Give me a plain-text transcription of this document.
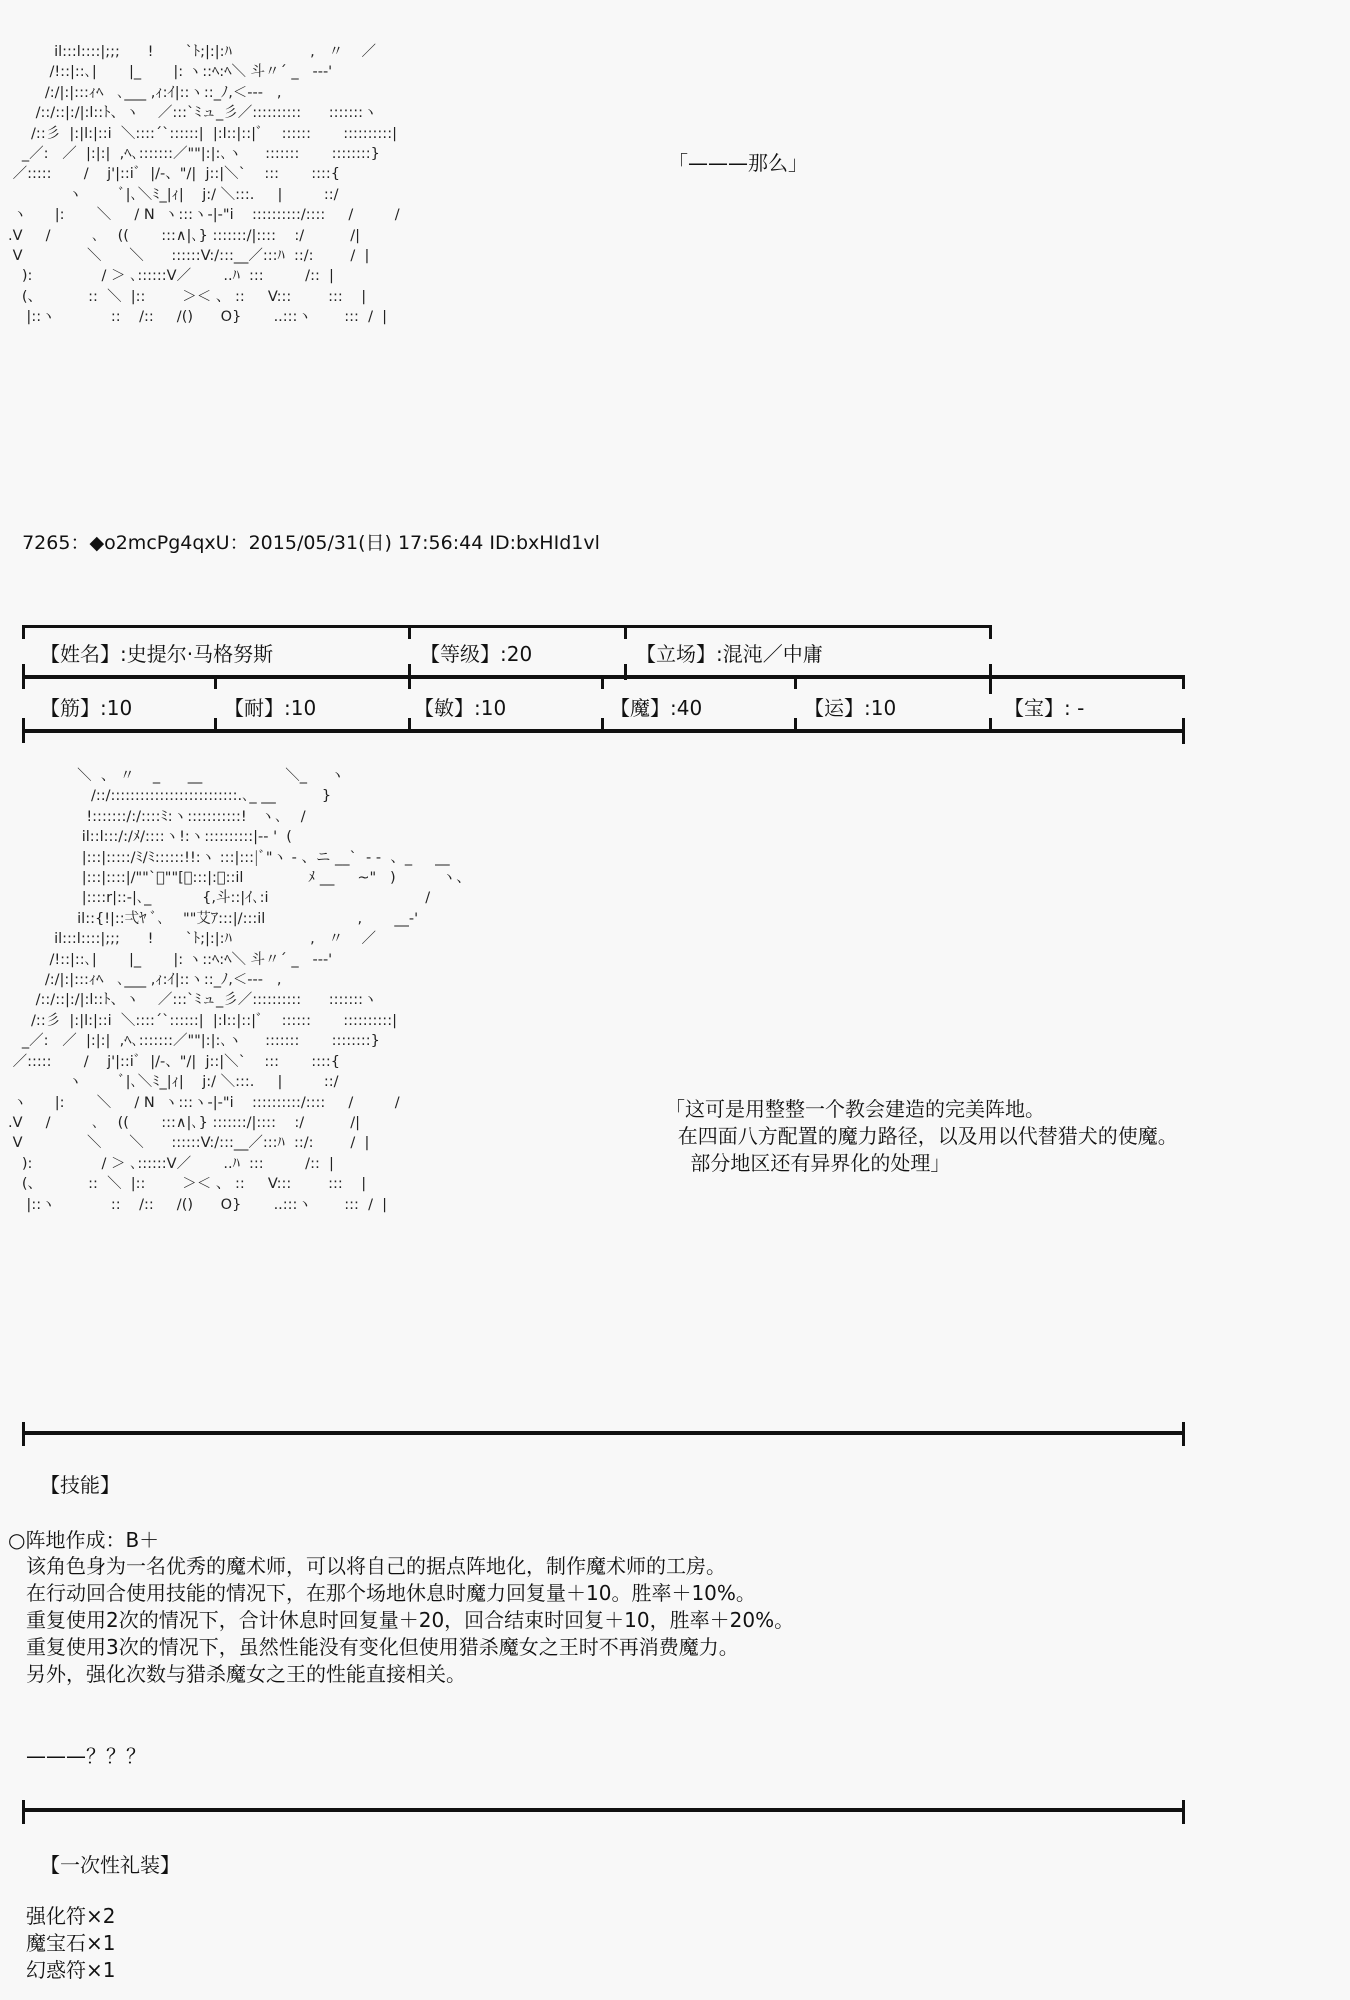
il:::l::::|;;;      !       `ﾄ;|:|:ﾊ                 ,   〃    ／
/!::|::､|       |_       |: ヽ::ﾍ:ﾍ＼ 斗〃´ _   --‐'
/:/|:|:::ｨﾍ   ､___ ,ｨ:ｲ|::ヽ::_ﾉ,＜---   ,
/::/::|:/|:l::ﾄ、ヽ    ／:::`ﾐュ_彡／::::::::::      :::::::ヽ
/::彡  |:|l:|::i  ＼::::´`::::::|  |:l::|::|ﾞ    ::::::       ::::::::::|
_／:   ／  |:|:|  ,ﾍ､:::::::／""|:|:､ヽ     :::::::       ::::::::}
／:::::       /    j'|::iﾞ  |/‐、"/|  j::|＼`    :::       ::::{
ヽ        ﾞ|､＼ﾐ_|ｨ|    j:/ ＼:::.     |         ::/
ヽ      |:       ＼     / N  ヽ:::ヽ-|-"i    ::::::::::/::::     /         /
.V     /         ､    ((       :::∧|､} :::::::/|::::    :/          /|
V              ＼      ＼      ::::::V:/:::__／:::ﾊ  ::/:        /  |
):               / ＞ ､::::::V／       ..ﾊ  :::         /::  |
(、          ::  ＼  |::        ＞＜ 、 ::     V:::        :::    |
|::ヽ            ::    /::     /()      O}       ..:::ヽ       :::  /  |
「———那么」

7265：◆o2mcPg4qxU：2015/05/31(日) 17:56:44 ID:bxHId1vl

【姓名】:史提尔·马格努斯	【等级】:20	【立场】:混沌／中庸
【筋】:10	【耐】:10	【敏】:10	【魔】:40	【运】:10	【宝】: -
＼  、 〃    _      __                  ＼_     ヽ
/::/::::::::::::::::::::::::::.､_ __          }
!:::::::/:/::::ﾐ:ヽ:::::::::::!   ヽ､    /
il::l:::/:/ﾒ/::::ヽ!:ヽ::::::::::|‐‐ '  (
|:::|:::::/ﾐ/ﾐ::::::!!:ヽ :::|:::|ﾞ"ヽ - 、ニ __`  - -  、_     __
|:::|::::|/""`ﾞ""[ﾞ:::|:、::il              ﾒ __     ~"   )          ヽ、
|::::r|::‐|､_           {,斗::|ｲ､:i                                  /
il::{!|::弌ﾔ ﾞ､    ""艾ｱ:::|/:::il                    ,       __-'
il:::l::::|;;;      !       `ﾄ;|:|:ﾊ                 ,   〃    ／
/!::|::､|       |_       |: ヽ::ﾍ:ﾍ＼ 斗〃´ _   --‐'
/:/|:|:::ｨﾍ   ､___ ,ｨ:ｲ|::ヽ::_ﾉ,＜---   ,
/::/::|:/|:l::ﾄ、ヽ    ／:::`ﾐュ_彡／::::::::::      :::::::ヽ
/::彡  |:|l:|::i  ＼::::´`::::::|  |:l::|::|ﾞ    ::::::       ::::::::::|
_／:   ／  |:|:|  ,ﾍ､:::::::／""|:|:､ヽ     :::::::       ::::::::}
／:::::       /    j'|::iﾞ  |/‐、"/|  j::|＼`    :::       ::::{
ヽ        ﾞ|､＼ﾐ_|ｨ|    j:/ ＼:::.     |         ::/
ヽ      |:       ＼     / N  ヽ:::ヽ-|-"i    ::::::::::/::::     /         /
.V     /         ､    ((       :::∧|､} :::::::/|::::    :/          /|
V              ＼      ＼      ::::::V:/:::__／:::ﾊ  ::/:        /  |
):               / ＞ ､::::::V／       ..ﾊ  :::         /::  |
(、          ::  ＼  |::        ＞＜ 、 ::     V:::        :::    |
|::ヽ            ::    /::     /()      O}       ..:::ヽ       :::  /  |
「这可是用整整一个教会建造的完美阵地。
在四面八方配置的魔力路径，以及用以代替猎犬的使魔。
部分地区还有异界化的处理」
【技能】
○阵地作成：B＋
该角色身为一名优秀的魔术师，可以将自己的据点阵地化，制作魔术师的工房。
在行动回合使用技能的情况下，在那个场地休息时魔力回复量＋10。胜率＋10%。
重复使用2次的情况下，合计休息时回复量＋20，回合结束时回复＋10，胜率＋20%。
重复使用3次的情况下，虽然性能没有变化但使用猎杀魔女之王时不再消费魔力。
另外，强化次数与猎杀魔女之王的性能直接相关。
———？？？
【一次性礼装】
强化符×2
魔宝石×1
幻惑符×1
